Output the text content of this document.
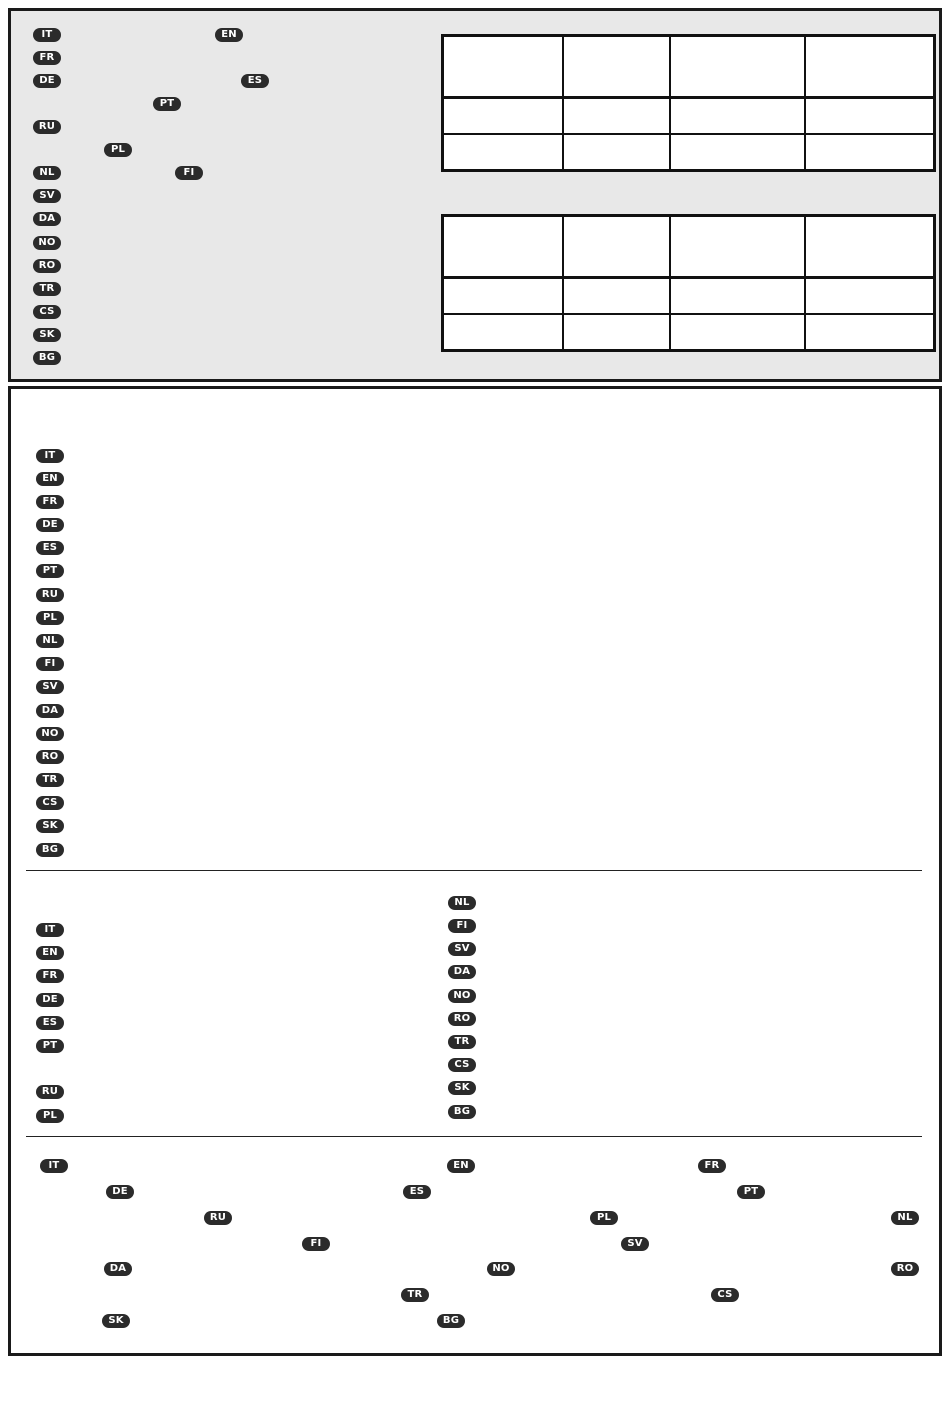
IT	EN
FR
DE	ES
PT
RU
PL
NL	FI
SV
DA
NO
RO
TR
CS
SK
BG

IT
EN
FR
DE
ES
PT
RU
PL
NL
FI
SV
DA
NO
RO
TR
CS
SK
BG
IT
EN
FR
DE
ES
PT
RU
PL
NL
FI
SV
DA
NO
RO
TR
CS
SK
BG
IT	EN	FR
DE	ES	PT
RU	PL	NL
FI	SV
DA	NO	RO
TR	CS
SK	BG
